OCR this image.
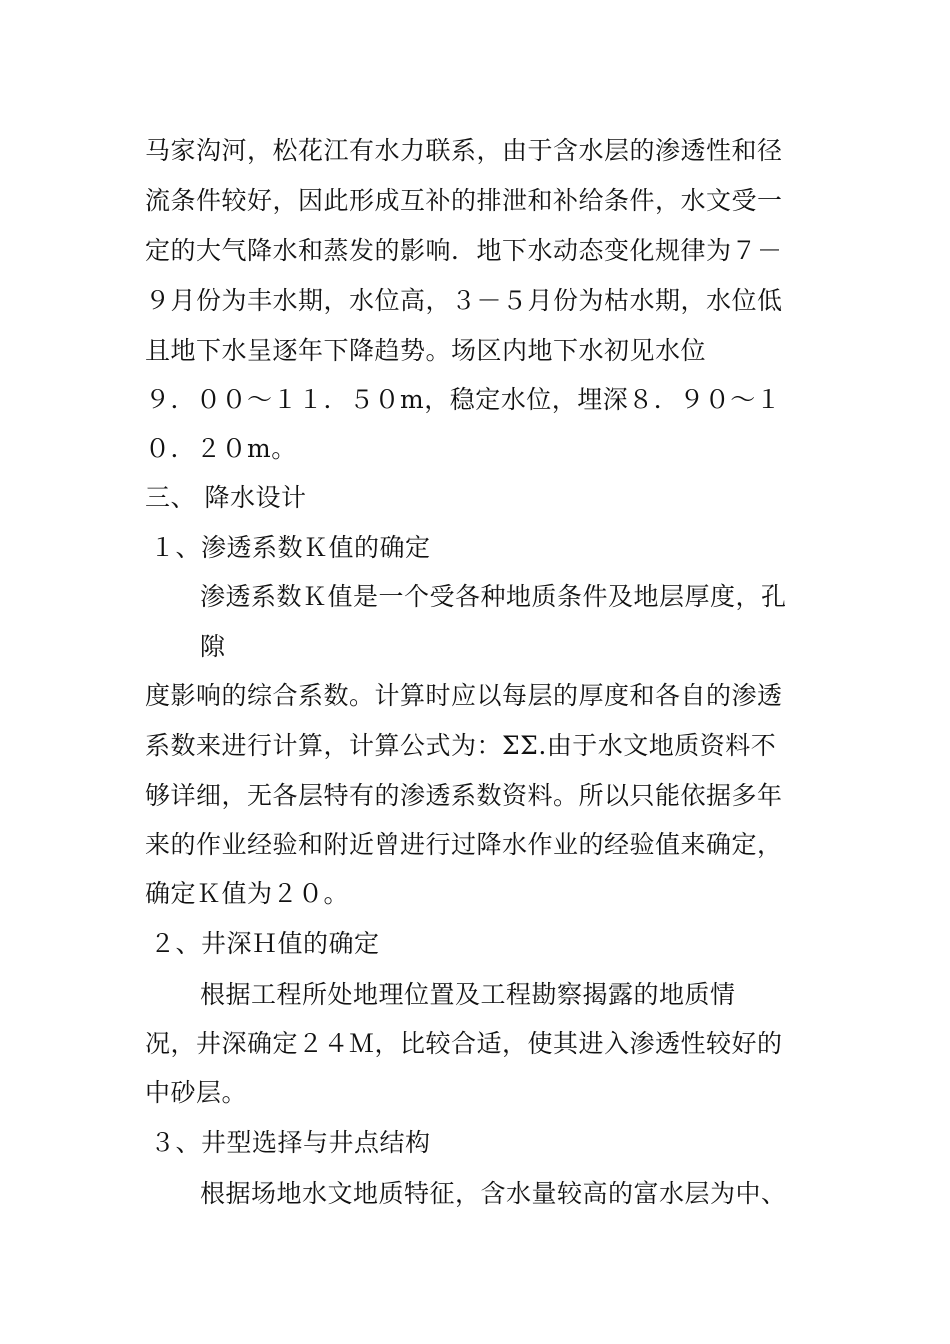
马家沟河，松花江有水力联系，由于含水层的渗透性和径
流条件较好，因此形成互补的排泄和补给条件，水文受一
定的大气降水和蒸发的影响．地下水动态变化规律为７－
９月份为丰水期，水位高，３－５月份为枯水期，水位低
且地下水呈逐年下降趋势。场区内地下水初见水位
９．００～１１．５０m，稳定水位，埋深８．９０～１
０．２０m。
三、 降水设计
１、渗透系数Ｋ值的确定
渗透系数Ｋ值是一个受各种地质条件及地层厚度，孔
隙
度影响的综合系数。计算时应以每层的厚度和各自的渗透
系数来进行计算，计算公式为：ΣΣ.由于水文地质资料不
够详细，无各层特有的渗透系数资料。所以只能依据多年
来的作业经验和附近曾进行过降水作业的经验值来确定，
确定Ｋ值为２０。
２、井深Ｈ值的确定
根据工程所处地理位置及工程勘察揭露的地质情
况，井深确定２４Ｍ，比较合适，使其进入渗透性较好的
中砂层。
３、井型选择与井点结构
根据场地水文地质特征，含水量较高的富水层为中、
